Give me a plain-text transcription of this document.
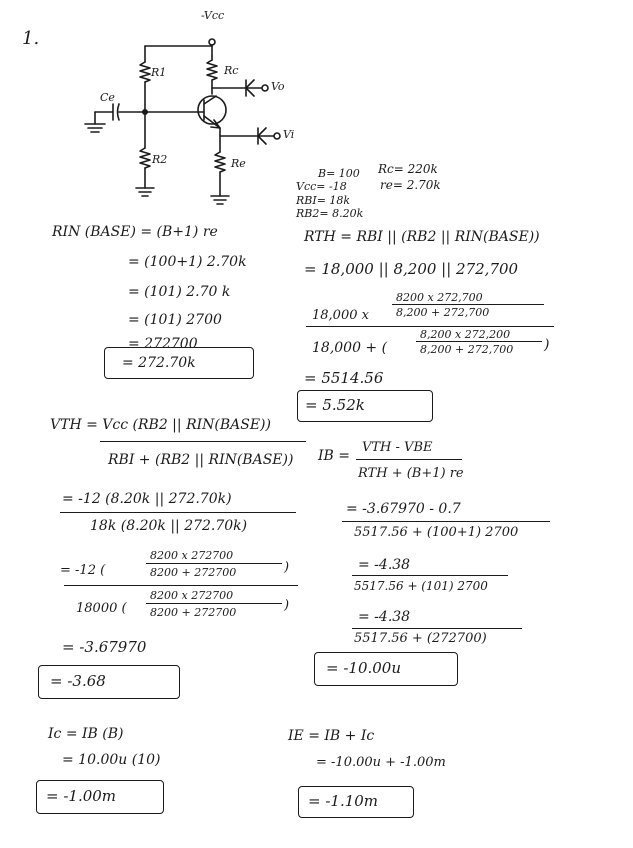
-Vcc
R1	Rc
Vo
Ce
R2	Re
Vi
1.
B= 100
Vcc= -18
RBI= 18k
RB2= 8.20k
Rc= 220k
re= 2.70k
RIN (BASE) = (B+1) re
= (100+1) 2.70k
= (101) 2.70 k
= (101) 2700
= 272700
= 272.70k
RTH = RBI || (RB2 || RIN(BASE))
= 18,000 || 8,200 || 272,700
18,000 x
8200 x 272,700
8,200 + 272,700
18,000 + (
8,200 x 272,200
8,200 + 272,700 )
= 5514.56
= 5.52k
VTH = Vcc (RB2 || RIN(BASE))
RBI + (RB2 || RIN(BASE))
= -12 (8.20k || 272.70k)
18k (8.20k || 272.70k)
= -12 (
8200 x 272700
8200 + 272700	)
18000 (
8200 x 272700
8200 + 272700	)
= -3.67970
= -3.68
IB =
VTH - VBE
RTH + (B+1) re
= -3.67970 - 0.7
5517.56 + (100+1) 2700
= -4.38
5517.56 + (101) 2700
= -4.38
5517.56 + (272700)
= -10.00u
Ic = IB (B)
= 10.00u (10)
= -1.00m
IE = IB + Ic
= -10.00u + -1.00m
= -1.10m
